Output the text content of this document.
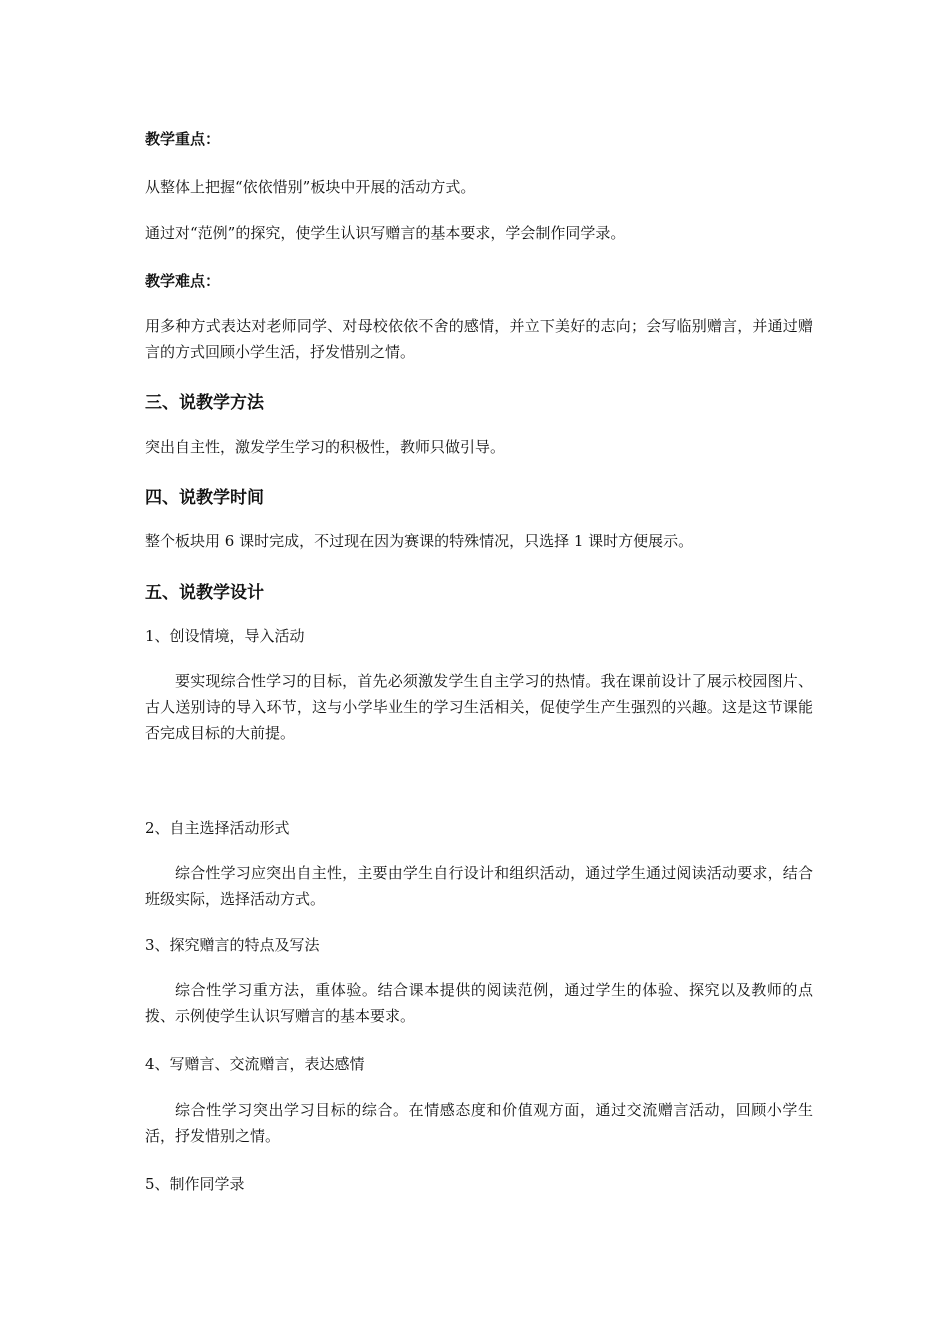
教学重点：
从整体上把握“依依惜别”板块中开展的活动方式。
通过对“范例”的探究，使学生认识写赠言的基本要求，学会制作同学录。
教学难点：
用多种方式表达对老师同学、对母校依依不舍的感情，并立下美好的志向；会写临别赠言，并通过赠言的方式回顾小学生活，抒发惜别之情。
三、说教学方法
突出自主性，激发学生学习的积极性，教师只做引导。
四、说教学时间
整个板块用 6 课时完成，不过现在因为赛课的特殊情况，只选择 1 课时方便展示。
五、说教学设计
1、创设情境，导入活动
要实现综合性学习的目标，首先必须激发学生自主学习的热情。我在课前设计了展示校园图片、古人送别诗的导入环节，这与小学毕业生的学习生活相关，促使学生产生强烈的兴趣。这是这节课能否完成目标的大前提。
2、自主选择活动形式
综合性学习应突出自主性，主要由学生自行设计和组织活动，通过学生通过阅读活动要求，结合班级实际，选择活动方式。
3、探究赠言的特点及写法
综合性学习重方法，重体验。结合课本提供的阅读范例，通过学生的体验、探究以及教师的点拨、示例使学生认识写赠言的基本要求。
4、写赠言、交流赠言，表达感情
综合性学习突出学习目标的综合。在情感态度和价值观方面，通过交流赠言活动，回顾小学生活，抒发惜别之情。
5、制作同学录
